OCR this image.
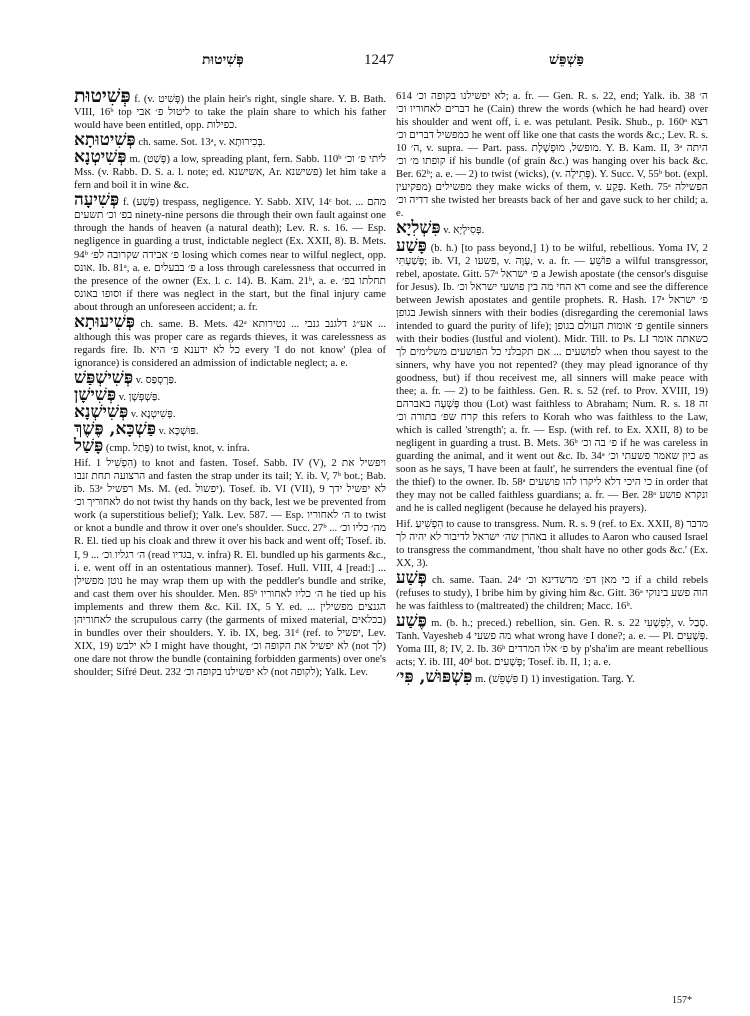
פְּשִׁיטוּת	1247	פַּשְׁפֵּשׁ
פְּשִׁיטוּת f. (v. פְּשִׁיט) the plain heir's right, single share. Y. B. Bath. VIII, 16ᵇ top ליטול פ׳ אבי to take the plain share to which his father would have been entitled, opp. כפילות.
פְּשִׁיטוּתָא ch. same. Sot. 13ᵃ, v. בְּכִירוּתָא.
פְּשִׁיטְנָא m. (פָּשַׁט) a low, spreading plant, fern. Sabb. 110ᵇ ליתי פ׳ וכ׳ Mss. (v. Rabb. D. S. a. l. note; ed. אשישנא, Ar. פשישנא) let him take a fern and boil it in wine &c.
פְּשִׁיעָה f. (פָּשַׁע) trespass, negligence. Y. Sabb. XIV, 14ᶜ bot. ... מהם בפ׳ וכ׳ תשעים ninety-nine persons die through their own fault against one through the hands of heaven (a natural death); Lev. R. s. 16. — Esp. negligence in guarding a trust, indictable neglect (Ex. XXII, 8). B. Mets. 94ᵇ פ׳ אבידה שקרובה לפ׳ losing which comes near to wilful neglect, opp. אונס. Ib. 81ᵃ, a. e. פ׳ בבעלים a loss through carelessness that occurred in the presence of the owner (Ex. l. c. 14). B. Kam. 21ᵇ, a. e. תחלתו בפ׳ וסופו באונס if there was neglect in the start, but the final injury came about through an unforeseen accident; a. fr.
פְּשִׁיעוּתָא ch. same. B. Mets. 42ᵃ אע״ג דלגנב גנבי ... נטירותא ... although this was proper care as regards thieves, it was carelessness as regards fire. Ib. כל לא ידענא פ׳ היא every 'I do not know' (plea of ignorance) is considered an admission of indictable neglect; a. e.
פְּשִׁישְׁפַּשׁ v. פַּרְסְפַּס.
פְּשִׁישָׁן v. פַּשְׁפְּשָׁן.
פְּשִׁישְׁנָא v. פְּשִׁיטְנָא.
פַּשְׁכָּא, פֶּשֶׁךְ v. פּוּשְׁכָּא.
פָּשַׁל (cmp. פָּתַל) to twist, knot, v. infra.
Hif. הִפְשִׁיל 1) to knot and fasten. Tosef. Sabb. IV (V), 2 ויפשיל את הרצועה תחת זנבו and fasten the strap under its tail; Y. ib. V, 7ᵇ bot.; Bab. ib. 53ᵃ רפשיל Ms. M. (ed. יפשול). Tosef. ib. VI (VII), 9 לא יפשיל ידך לאחוריך וכ׳ do not twist thy hands on thy back, lest we be prevented from work (a superstitious belief); Yalk. Lev. 587. — Esp. ה׳ לאחוריו to twist or knot a bundle and throw it over one's shoulder. Succ. 27ᵇ ... מה׳ כליו וכ׳ R. El. tied up his cloak and threw it over his back and went off; Tosef. ib. I, 9 ... ה׳ רגליו וכ׳ (read בגדיו, v. infra) R. El. bundled up his garments &c., i. e. went off in an ostentatious manner). Tosef. Hull. VIII, 4 [read:] ... נוטן מפשילן he may wrap them up with the peddler's bundle and strike, and cast them over his shoulder. Men. 85ᵇ ה׳ כליו לאחוריו he tied up his implements and threw them &c. Kil. IX, 5 Y. ed. ... הגנצים מפשילין לאחוריהן the scrupulous carry (the garments of mixed material, בכלאים) in bundles over their shoulders. Y. ib. IX, beg. 31ᵈ (ref. to יפשיל, Lev. XIX, 19) לא ילבש I might have thought, לא יפשיל את הקופה וכ׳ (not לך) one dare not throw the bundle (containing forbidden garments) over one's shoulder; Sifré Deut. 232 לא יפשילנו בקופה וכ׳ (not לקופה); Yalk. Lev.
614 לא יפשילנו בקופה וכ׳; a. fr. — Gen. R. s. 22, end; Yalk. ib. 38 ה׳ דברים לאחוריו וכ׳ he (Cain) threw the words (which he had heard) over his shoulder and went off, i. e. was petulant. Pesik. Shub., p. 160ᵃ רצא כמפשיל דברים וכ׳ he went off like one that casts the words &c.; Lev. R. s. 10 ה׳, v. supra. — Part. pass. מופשל, מוּפְשֶׁלֶת. Y. B. Kam. II, 3ᵃ היתה קופתו מ׳ וכ׳ if his bundle (of grain &c.) was hanging over his back &c. Ber. 62ᵇ; a. e. — 2) to twist (wicks), (v. פְּתִילָה). Y. Succ. V, 55ᵇ bot. (expl. מפשילים (מפקיעין they make wicks of them, v. פָּקַע. Keth. 75ᵃ הפשילה דדיה וכ׳ she twisted her breasts back of her and gave suck to her child; a. e.
פִּשְׁלִיָא v. פְּסִילְיָא.
פָּשַׁע (b. h.) [to pass beyond,] 1) to be wilful, rebellious. Yoma IV, 2 פָּשַׁעְתִּי; ib. VI, 2 פשעו, v. עָוָה, v. a. fr. — פּוֹשֵׁעַ a wilful transgressor, rebel, apostate. Gitt. 57ᵃ פ׳ ישראל a Jewish apostate (the censor's disguise for Jesus). Ib. רא החי מה בין פושעי ישראל וכ׳ come and see the difference between Jewish apostates and gentile prophets. R. Hash. 17ᵃ פ׳ ישראל בגופן Jewish sinners with their bodies (disregarding the ceremonial laws intended to guard the purity of life); פ׳ אומות העולם בגופן gentile sinners with their bodies (lustful and violent). Midr. Till. to Ps. LI כשאתה אומר לפושעים ... אם תקבלני כל הפושעים משלימים לך when thou sayest to the sinners, why have you not repented? (they may plead ignorance of thy goodness, but) if thou receivest me, all sinners will make peace with thee; a. fr. — 2) to be faithless. Gen. R. s. 52 (ref. to Prov. XVIII, 19) פָּשְׁעָה באברהם thou (Lot) wast faithless to Abraham; Num. R. s. 18 זה קרח שפ׳ בתורה וכ׳ this refers to Korah who was faithless to the Law, which is called 'strength'; a. fr. — Esp. (with ref. to Ex. XXII, 8) to be negligent in guarding a trust. B. Mets. 36ᵇ פ׳ בה וכ׳ if he was careless in guarding the animal, and it went out &c. Ib. 34ᵃ כיון שאמר פשעתי וכ׳ as soon as he says, 'I have been at fault', he surrenders the eventual fine (of the thief) to the owner. Ib. 58ᵃ כי היכי דלא ליקרו להו פושעים in order that they may not be called faithless guardians; a. fr. — Ber. 28ᵃ ונקרא פושע and he is called negligent (because he delayed his prayers).
Hif. הִפְשִׁיעַ to cause to transgress. Num. R. s. 9 (ref. to Ex. XXII, 8) מדבר באהרן שה׳ ישראל לדיבור לא יהיה לך it alludes to Aaron who caused Israel to transgress the commandment, 'thou shalt have no other gods &c.' (Ex. XX, 3).
פְּשַׁע ch. same. Taan. 24ᵃ כי מאן דפ׳ מדשדינא וכ׳ if a child rebels (refuses to study), I bribe him by giving him &c. Gitt. 36ᵃ הוה פשע בינוקי he was faithless to (maltreated) the children; Macc. 16ᵇ.
פֶּשַׁע m. (b. h.; preced.) rebellion, sin. Gen. R. s. 22 לִפְשָׁעִי, v. סָבַל. Tanh. Vayesheb 4 מה פשעי what wrong have I done?; a. e. — Pl. פְּשָׁעִים. Yoma III, 8; IV, 2. Ib. 36ᵇ פ׳ אלו המרדים by p'sha'im are meant rebellious acts; Y. ib. III, 40ᵈ bot. פְּשָׁעִים; Tosef. ib. II, 1; a. e.
פִּשְׁפּוּשׁ, פִּי׳ m. (פִּשְׁפֵּשׁ I) 1) investigation. Targ. Y.
157*
